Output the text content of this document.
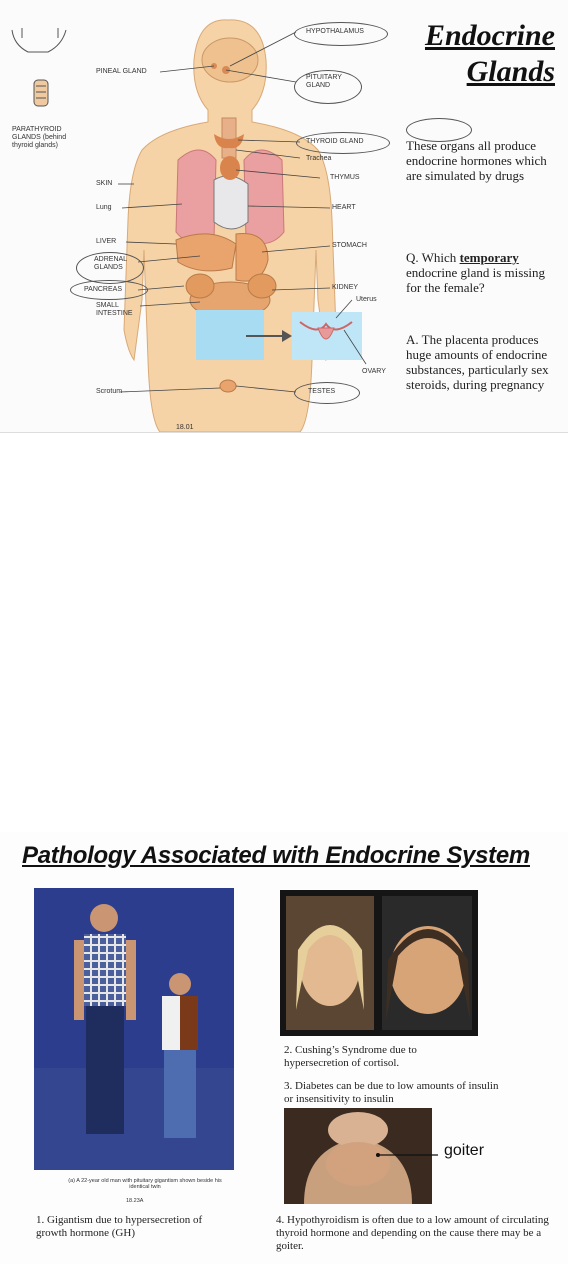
HYPOTHALAMUS
PINEAL GLAND
PITUITARY GLAND
PARATHYROID GLANDS (behind thyroid glands)
THYROID GLAND
Trachea
THYMUS
SKIN
Lung	HEART
LIVER
STOMACH
ADRENAL GLANDS
PANCREAS	KIDNEY
Uterus
SMALL INTESTINE
OVARY
Scrotum	TESTES
18.01
Endocrine
Glands
These organs all produce endocrine hormones which are simulated by drugs
Q. Which temporary endocrine gland is missing for the female?
A. The placenta produces huge amounts of endocrine substances, particularly sex steroids, during pregnancy
Pathology Associated with Endocrine System
(a) A 22-year old man with pituitary gigantism shown beside his identical twin
18.23A
1. Gigantism due to hypersecretion of growth hormone (GH)
2. Cushing’s Syndrome due to hypersecretion of cortisol.
3. Diabetes can be due to low amounts of insulin or insensitivity to insulin
goiter
4. Hypothyroidism is often due to a low amount of circulating thyroid hormone and depending on the cause there may be a goiter.
